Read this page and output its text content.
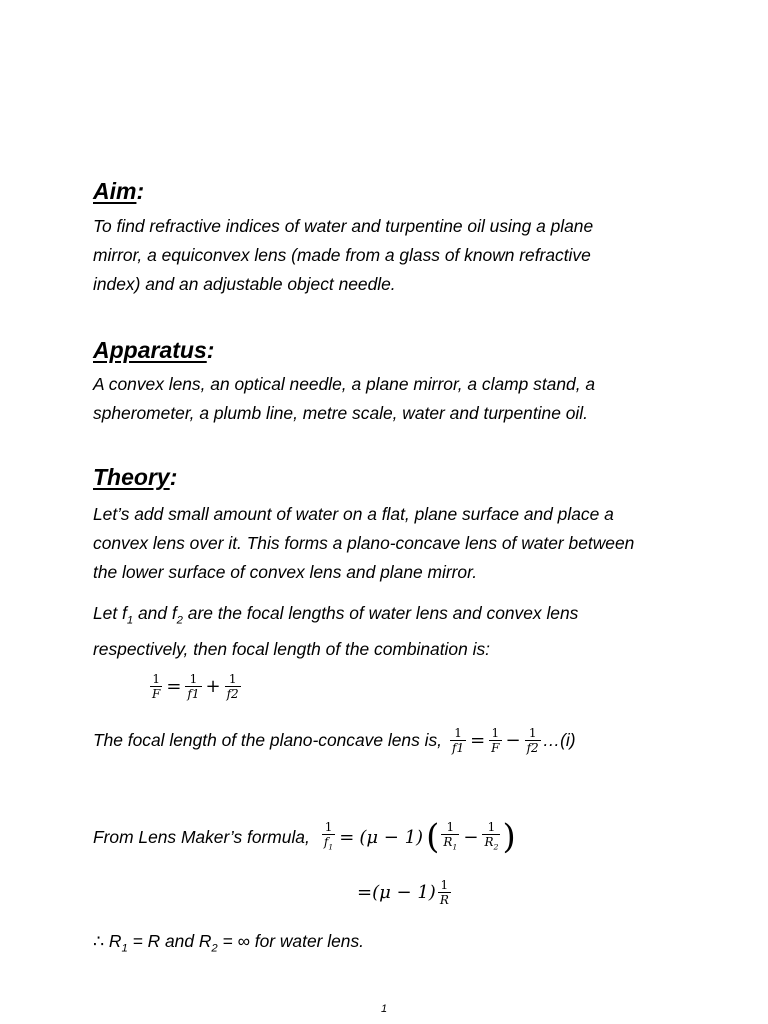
Aim:
To find refractive indices of water and turpentine oil using a plane
mirror, a equiconvex lens (made from a glass of known refractive
index) and an adjustable object needle.
Apparatus:
A convex lens, an optical needle, a plane mirror, a clamp stand, a
spherometer, a plumb line, metre scale, water and turpentine oil.
Theory:
Let’s add small amount of water on a flat, plane surface and place a
convex lens over it. This forms a plano-concave lens of water between
the lower surface of convex lens and plane mirror.
Let $f_1$ and $f_2$ are the focal lengths of water lens and convex lens
respectively, then focal length of the combination is:
$\frac{1}{F} = \frac{1}{f1} + \frac{1}{f2}$
The focal length of the plano-concave lens is, $\frac{1}{f1} = \frac{1}{F} - \frac{1}{f2}$ …(i)
From Lens Maker’s formula, $\frac{1}{f_1} = (\mu - 1)$ ( $\frac{1}{R_1} - \frac{1}{R_2}$ )
$=(\mu - 1) \frac{1}{R}$
∴ $R_1 = R$ and $R_2$ = ∞ for water lens.
1
